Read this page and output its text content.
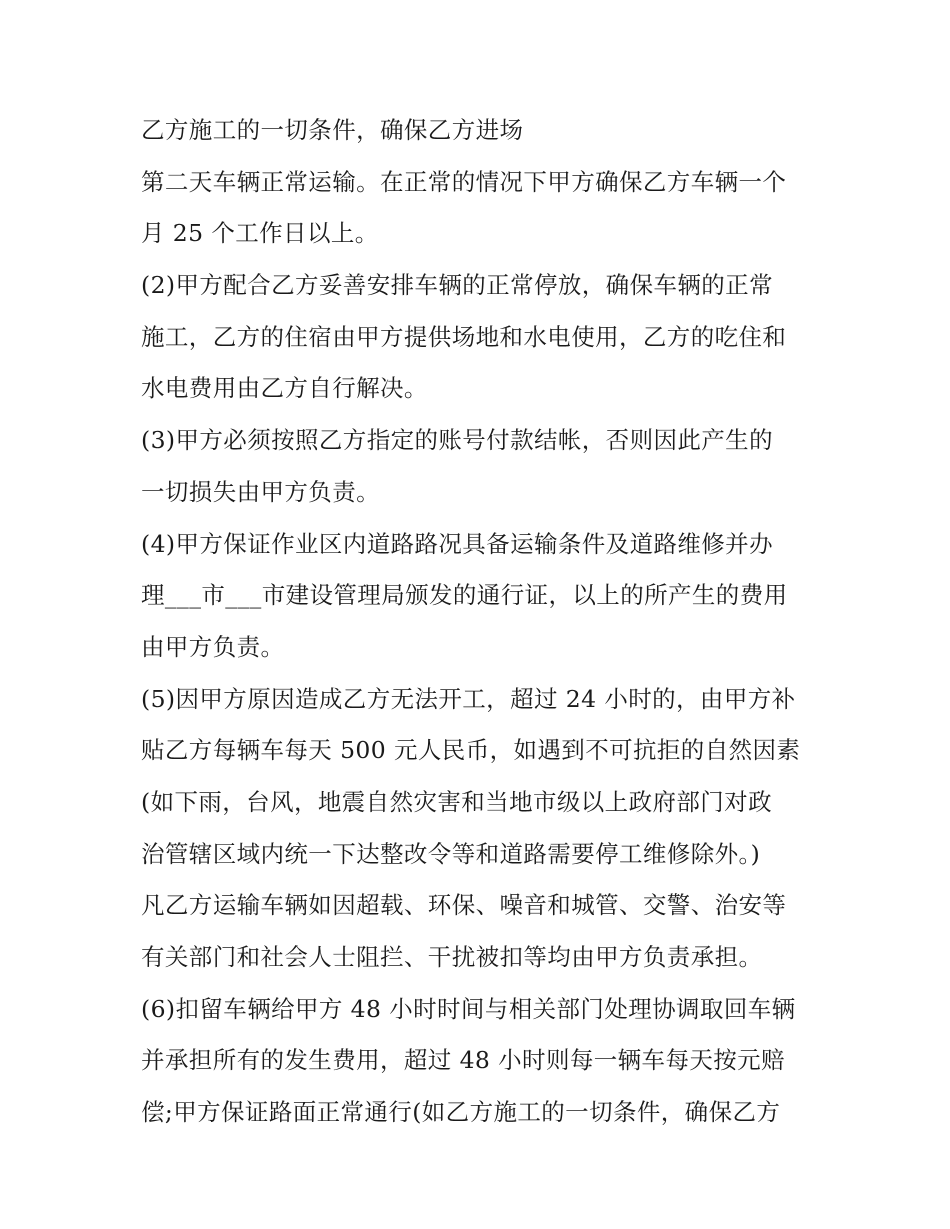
乙方施工的一切条件，确保乙方进场
第二天车辆正常运输。在正常的情况下甲方确保乙方车辆一个
月 25 个工作日以上。
(2)甲方配合乙方妥善安排车辆的正常停放，确保车辆的正常
施工，乙方的住宿由甲方提供场地和水电使用，乙方的吃住和
水电费用由乙方自行解决。
(3)甲方必须按照乙方指定的账号付款结帐，否则因此产生的
一切损失由甲方负责。
(4)甲方保证作业区内道路路况具备运输条件及道路维修并办
理___市___市建设管理局颁发的通行证，以上的所产生的费用
由甲方负责。
(5)因甲方原因造成乙方无法开工，超过 24 小时的，由甲方补
贴乙方每辆车每天 500 元人民币，如遇到不可抗拒的自然因素
(如下雨，台风，地震自然灾害和当地市级以上政府部门对政
治管辖区域内统一下达整改令等和道路需要停工维修除外。)
凡乙方运输车辆如因超载、环保、噪音和城管、交警、治安等
有关部门和社会人士阻拦、干扰被扣等均由甲方负责承担。
(6)扣留车辆给甲方 48 小时时间与相关部门处理协调取回车辆
并承担所有的发生费用，超过 48 小时则每一辆车每天按元赔
偿;甲方保证路面正常通行(如乙方施工的一切条件，确保乙方
